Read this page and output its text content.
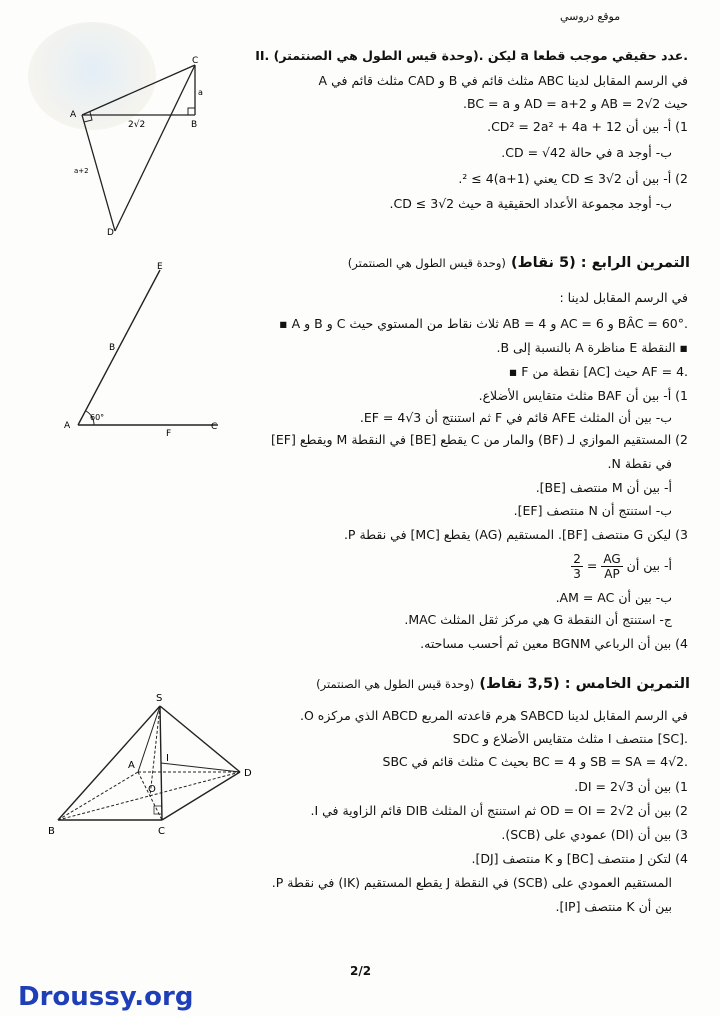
موقع دروسي
C
A
B
D
a
2√2
a+2
II. (وحدة قيس الطول هي الصنتمتر). ليكن a عدد حقيقي موجب قطعا.
في الرسم المقابل لدينا ABC مثلث قائم في B و CAD مثلث قائم في A
حيث AB = 2√2 و AD = a+2 و BC = a.
1) أ- بين أن CD² = 2a² + 4a + 12.
ب- أوجد a في حالة CD = √42.
2) أ- بين أن CD ≤ 3√2 يعني (a+1)² ≤ 4.
ب- أوجد مجموعة الأعداد الحقيقية a حيث CD ≤ 3√2.
E
B
A
F
C
60°
التمرين الرابع : (5 نقاط) (وحدة قيس الطول هي الصنتمتر)
في الرسم المقابل لدينا :
▪ A و B و C ثلاث نقاط من المستوي حيث AB = 4 و AC = 6 و BÂC = 60°.
▪ النقطة E مناظرة A بالنسبة إلى B.
▪ F نقطة من [AC] حيث AF = 4.
1) أ- بين أن BAF مثلث متقايس الأضلاع.
ب- بين أن المثلث AFE قائم في F ثم استنتج أن EF = 4√3.
2) المستقيم الموازي لـ (BF) والمار من C يقطع [BE] في النقطة M ويقطع [EF]
في نقطة N.
أ- بين أن M منتصف [BE].
ب- استنتج أن N منتصف [EF].
3) ليكن G منتصف [BF]. المستقيم (AG) يقطع [MC] في نقطة P.
أ- بين أن
$\frac{AG}{AP}$
=
$\frac{2}{3}$
ب- بين أن AM = AC.
ج- استنتج أن النقطة G هي مركز ثقل المثلث MAC.
4) بين أن الرباعي BGNM معين ثم أحسب مساحته.
S
A
I
O
D
B	C
التمرين الخامس : (3,5 نقاط) (وحدة قيس الطول هي الصنتمتر)
في الرسم المقابل لدينا SABCD هرم قاعدته المربع ABCD الذي مركزه O.
SDC مثلث متقايس الأضلاع و I منتصف [SC].
SBC مثلث قائم في C بحيث BC = 4 و SB = SA = 4√2.
1) بين أن DI = 2√3.
2) بين أن OD = OI = 2√2 ثم استنتج أن المثلث DIB قائم الزاوية في I.
3) بين أن (DI) عمودي على (SCB).
4) لتكن J منتصف [BC] و K منتصف [DJ].
المستقيم العمودي على (SCB) في النقطة J يقطع المستقيم (IK) في نقطة P.
بين أن K منتصف [IP].
2/2
Droussy.org
